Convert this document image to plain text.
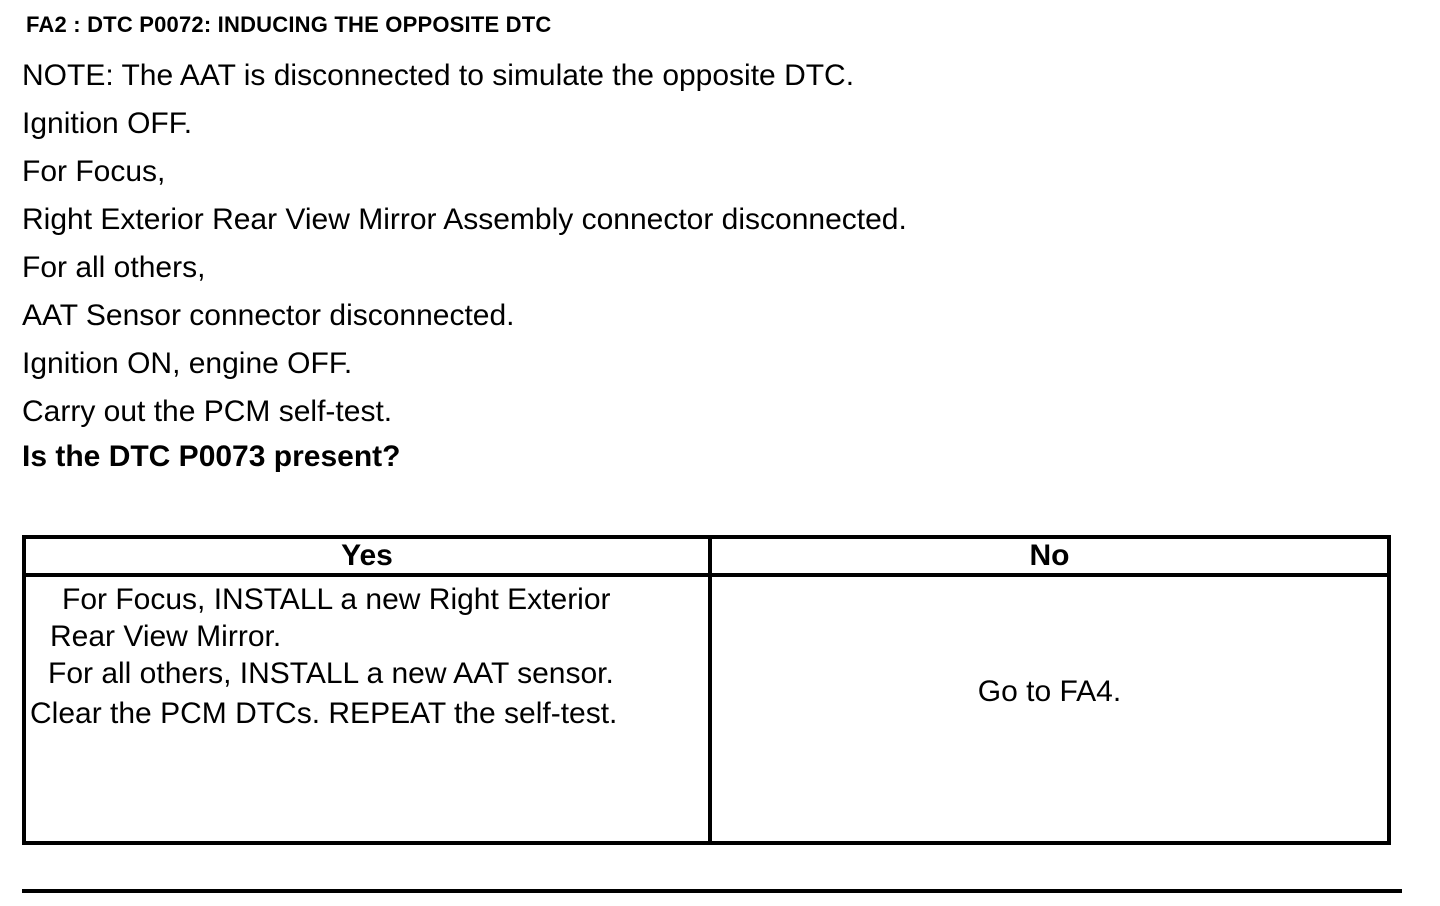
FA2 : DTC P0072: INDUCING THE OPPOSITE DTC
NOTE: The AAT is disconnected to simulate the opposite DTC.
Ignition OFF.
For Focus,
Right Exterior Rear View Mirror Assembly connector disconnected.
For all others,
AAT Sensor connector disconnected.
Ignition ON, engine OFF.
Carry out the PCM self-test.
Is the DTC P0073 present?
Yes	No

For Focus, INSTALL a new Right Exterior
Rear View Mirror.
For all others, INSTALL a new AAT sensor.
Clear the PCM DTCs. REPEAT the self-test.	Go to FA4.
